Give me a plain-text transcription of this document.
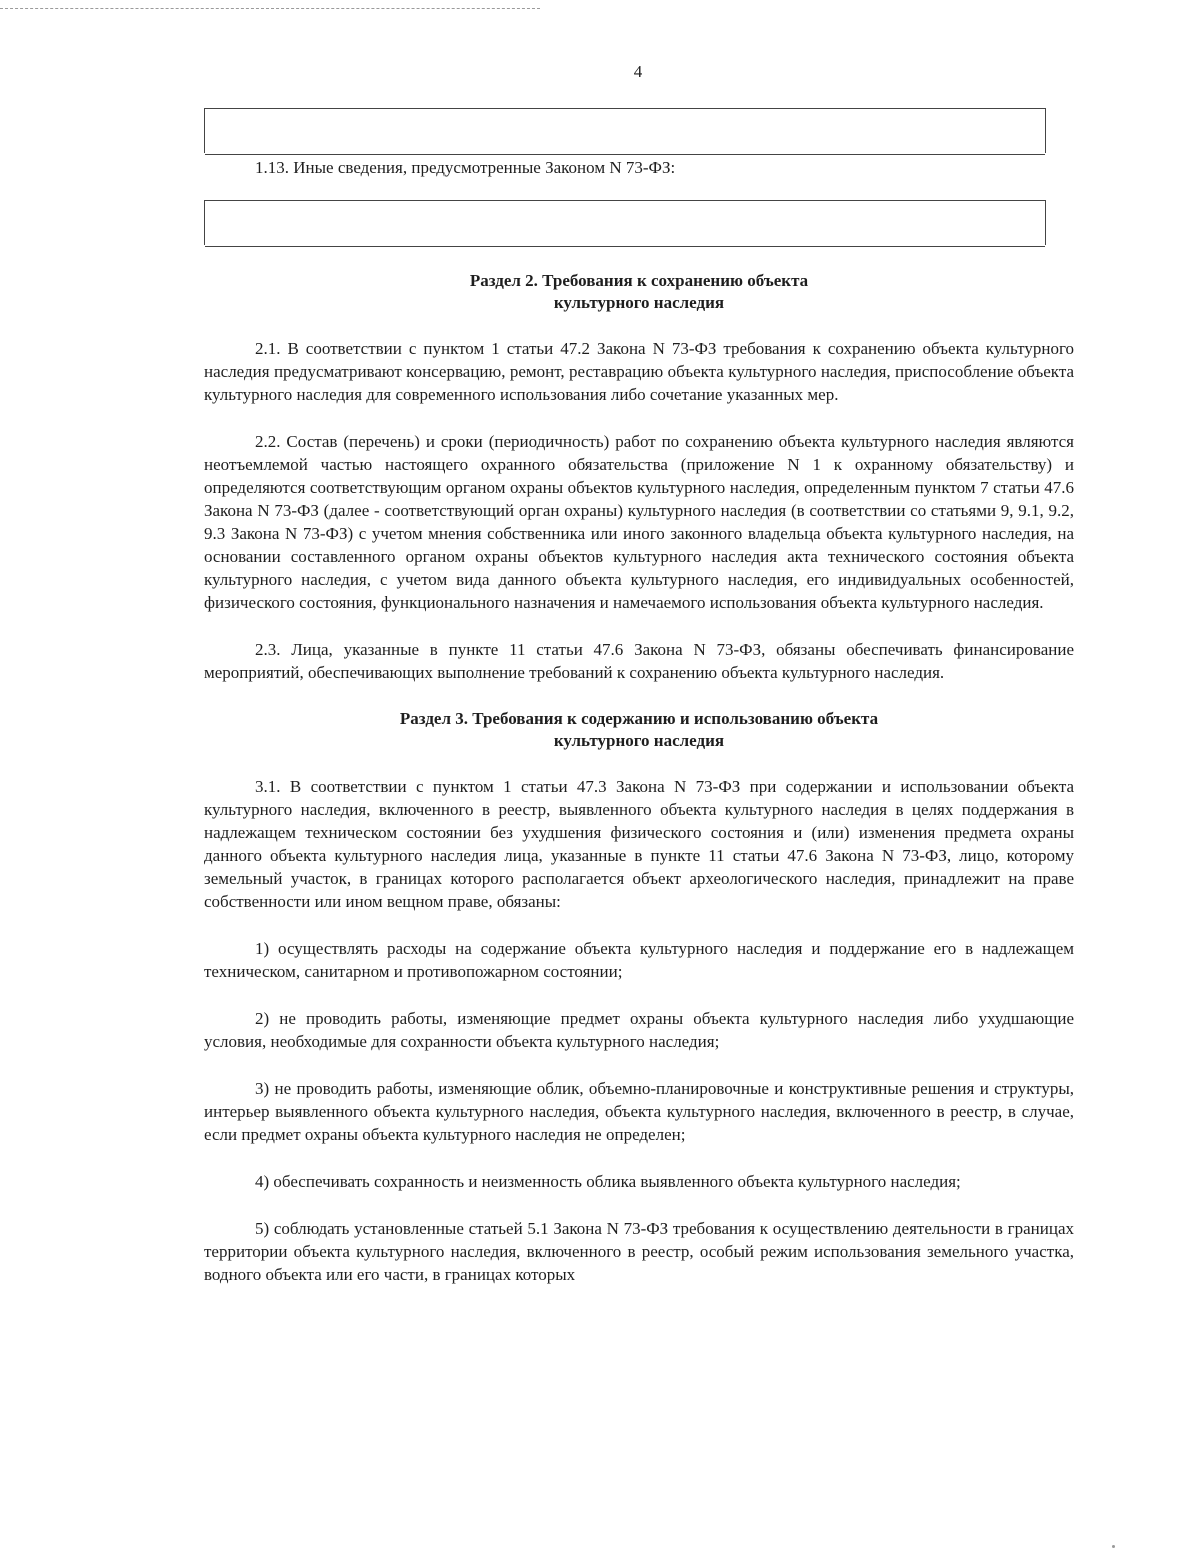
4
1.13. Иные сведения, предусмотренные Законом N 73-ФЗ:
Раздел 2. Требования к сохранению объекта
культурного наследия

2.1. В соответствии с пунктом 1 статьи 47.2 Закона N 73-ФЗ требования к сохранению объекта культурного наследия предусматривают консервацию, ремонт, реставрацию объекта культурного наследия, приспособление объекта культурного наследия для современного использования либо сочетание указанных мер.

2.2. Состав (перечень) и сроки (периодичность) работ по сохранению объекта культурного наследия являются неотъемлемой частью настоящего охранного обязательства (приложение N 1 к охранному обязательству) и определяются соответствующим органом охраны объектов культурного наследия, определенным пунктом 7 статьи 47.6 Закона N 73-ФЗ (далее - соответствующий орган охраны) культурного наследия (в соответствии со статьями 9, 9.1, 9.2, 9.3 Закона N 73-ФЗ) с учетом мнения собственника или иного законного владельца объекта культурного наследия, на основании составленного органом охраны объектов культурного наследия акта технического состояния объекта культурного наследия, с учетом вида данного объекта культурного наследия, его индивидуальных особенностей, физического состояния, функционального назначения и намечаемого использования объекта культурного наследия.

2.3. Лица, указанные в пункте 11 статьи 47.6 Закона N 73-ФЗ, обязаны обеспечивать финансирование мероприятий, обеспечивающих выполнение требований к сохранению объекта культурного наследия.

Раздел 3. Требования к содержанию и использованию объекта
культурного наследия

3.1. В соответствии с пунктом 1 статьи 47.3 Закона N 73-ФЗ при содержании и использовании объекта культурного наследия, включенного в реестр, выявленного объекта культурного наследия в целях поддержания в надлежащем техническом состоянии без ухудшения физического состояния и (или) изменения предмета охраны данного объекта культурного наследия лица, указанные в пункте 11 статьи 47.6 Закона N 73-ФЗ, лицо, которому земельный участок, в границах которого располагается объект археологического наследия, принадлежит на праве собственности или ином вещном праве, обязаны:

1) осуществлять расходы на содержание объекта культурного наследия и поддержание его в надлежащем техническом, санитарном и противопожарном состоянии;

2) не проводить работы, изменяющие предмет охраны объекта культурного наследия либо ухудшающие условия, необходимые для сохранности объекта культурного наследия;

3) не проводить работы, изменяющие облик, объемно-планировочные и конструктивные решения и структуры, интерьер выявленного объекта культурного наследия, объекта культурного наследия, включенного в реестр, в случае, если предмет охраны объекта культурного наследия не определен;

4) обеспечивать сохранность и неизменность облика выявленного объекта культурного наследия;

5) соблюдать установленные статьей 5.1 Закона N 73-ФЗ требования к осуществлению деятельности в границах территории объекта культурного наследия, включенного в реестр, особый режим использования земельного участка, водного объекта или его части, в границах которых
